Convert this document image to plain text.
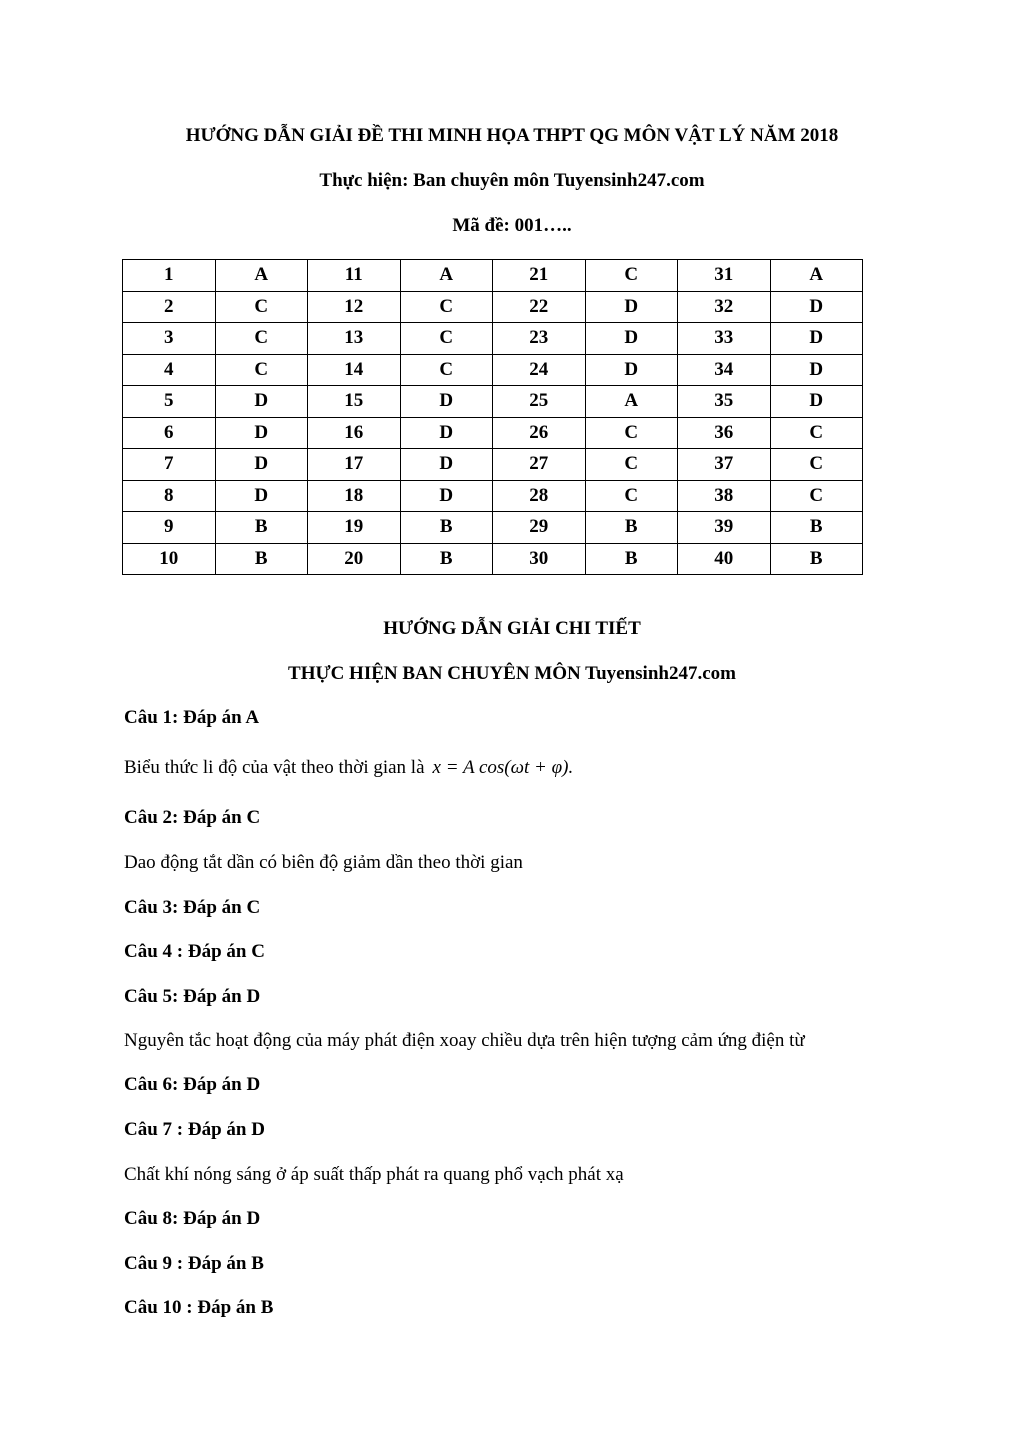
HƯỚNG DẪN GIẢI ĐỀ THI MINH HỌA THPT QG MÔN VẬT LÝ NĂM 2018
Thực hiện: Ban chuyên môn Tuyensinh247.com
Mã đề: 001…..
1	A	11	A	21	C	31	A
2	C	12	C	22	D	32	D
3	C	13	C	23	D	33	D
4	C	14	C	24	D	34	D
5	D	15	D	25	A	35	D
6	D	16	D	26	C	36	C
7	D	17	D	27	C	37	C
8	D	18	D	28	C	38	C
9	B	19	B	29	B	39	B
10	B	20	B	30	B	40	B
HƯỚNG DẪN GIẢI CHI TIẾT
THỰC HIỆN BAN CHUYÊN MÔN Tuyensinh247.com
Câu 1: Đáp án A
Biểu thức li độ của vật theo thời gian là x = A cos(ωt + φ).
Câu 2: Đáp án C
Dao động tắt dần có biên độ giảm dần theo thời gian
Câu 3: Đáp án C
Câu 4 : Đáp án C
Câu 5: Đáp án D
Nguyên tắc hoạt động của máy phát điện xoay chiều dựa trên hiện tượng cảm ứng điện từ
Câu 6: Đáp án D
Câu 7 : Đáp án D
Chất khí nóng sáng ở áp suất thấp phát ra quang phổ vạch phát xạ
Câu 8: Đáp án D
Câu 9 : Đáp án B
Câu 10 : Đáp án B
